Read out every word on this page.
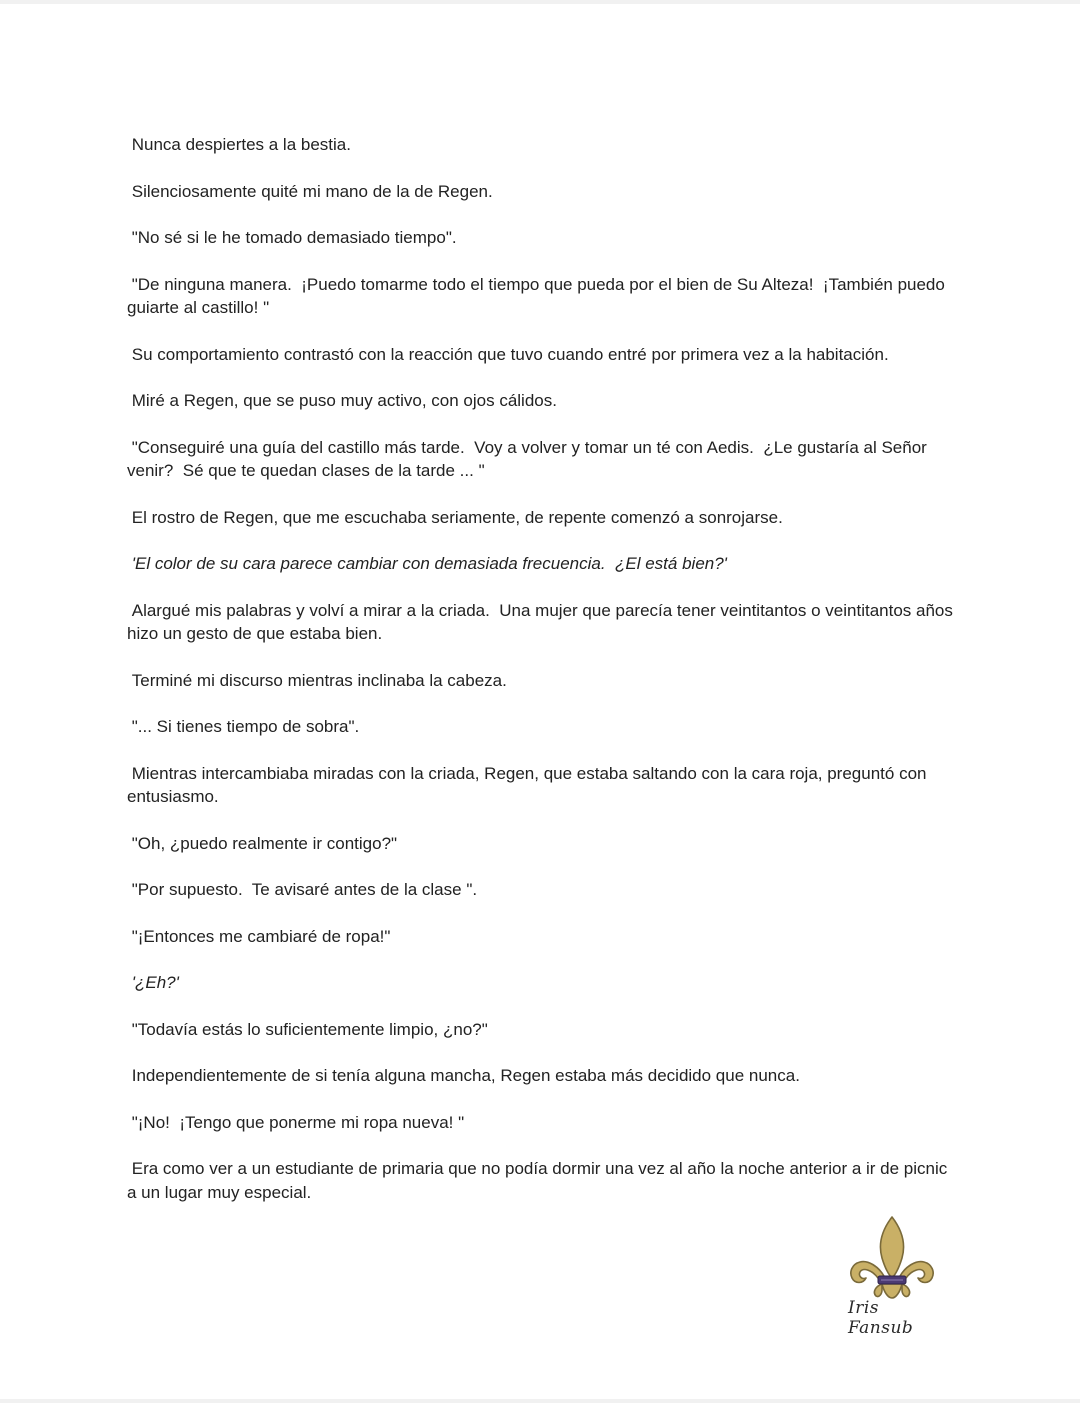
Nunca despiertes a la bestia.

Silenciosamente quité mi mano de la de Regen.

"No sé si le he tomado demasiado tiempo".

"De ninguna manera.  ¡Puedo tomarme todo el tiempo que pueda por el bien de Su Alteza!  ¡También puedo guiarte al castillo! "

Su comportamiento contrastó con la reacción que tuvo cuando entré por primera vez a la habitación.

Miré a Regen, que se puso muy activo, con ojos cálidos.

"Conseguiré una guía del castillo más tarde.  Voy a volver y tomar un té con Aedis.  ¿Le gustaría al Señor venir?  Sé que te quedan clases de la tarde ... "

El rostro de Regen, que me escuchaba seriamente, de repente comenzó a sonrojarse.

'El color de su cara parece cambiar con demasiada frecuencia.  ¿El está bien?'

Alargué mis palabras y volví a mirar a la criada.  Una mujer que parecía tener veintitantos o veintitantos años hizo un gesto de que estaba bien.

Terminé mi discurso mientras inclinaba la cabeza.

"... Si tienes tiempo de sobra".

Mientras intercambiaba miradas con la criada, Regen, que estaba saltando con la cara roja, preguntó con entusiasmo.

"Oh, ¿puedo realmente ir contigo?"

"Por supuesto.  Te avisaré antes de la clase ".

"¡Entonces me cambiaré de ropa!"

'¿Eh?'

"Todavía estás lo suficientemente limpio, ¿no?"

Independientemente de si tenía alguna mancha, Regen estaba más decidido que nunca.

"¡No!  ¡Tengo que ponerme mi ropa nueva! "

Era como ver a un estudiante de primaria que no podía dormir una vez al año la noche anterior a ir de picnic a un lugar muy especial.

Iris Fansub
